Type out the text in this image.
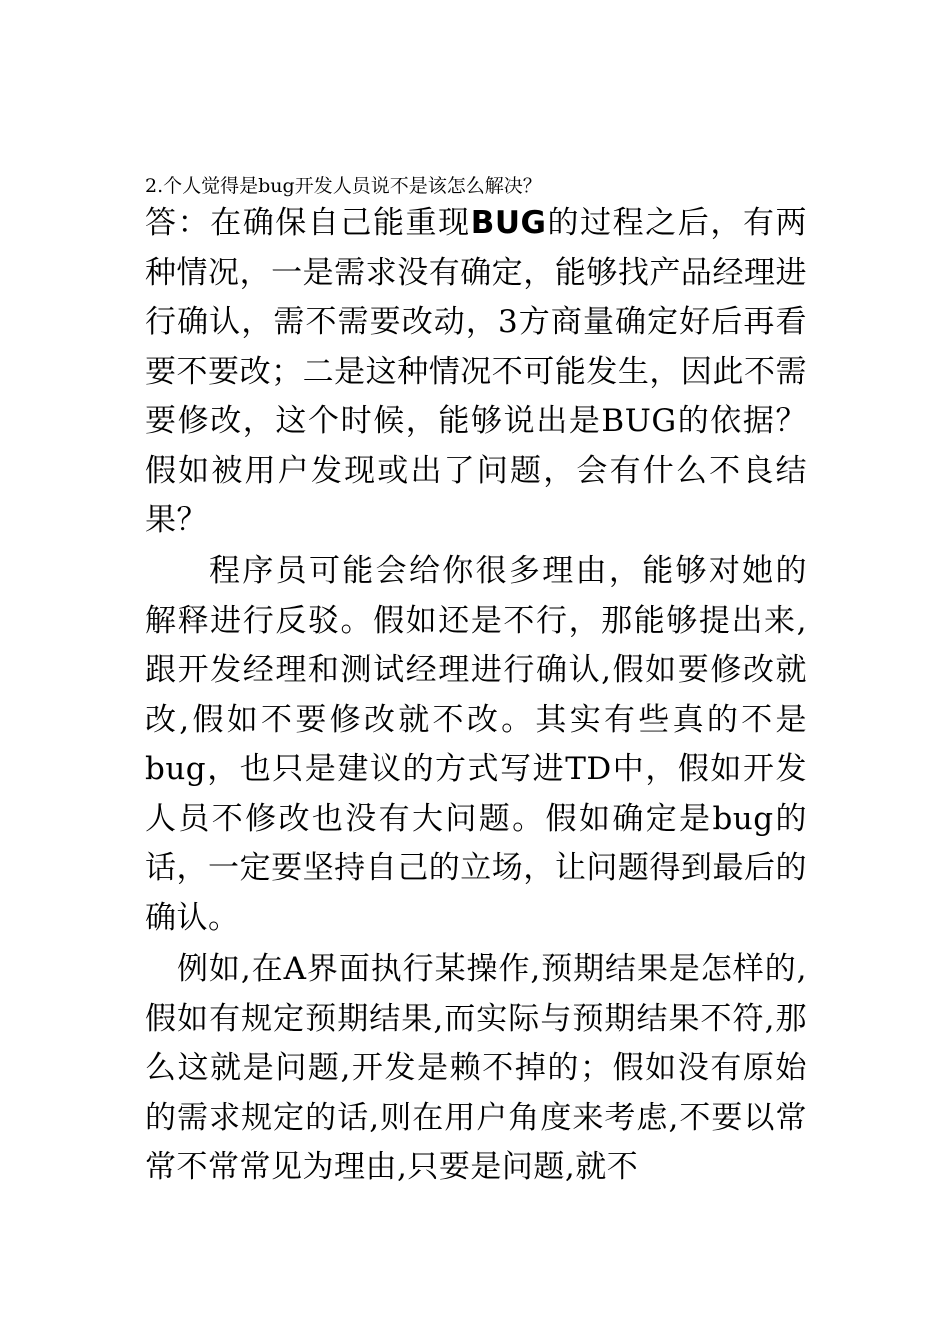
2.个人觉得是bug开发人员说不是该怎么解决？

答：在确保自己能重现BUG的过程之后，有两种情况，一是需求没有确定，能够找产品经理进行确认，需不需要改动，3方商量确定好后再看要不要改；二是这种情况不可能发生，因此不需要修改，这个时候，能够说出是BUG的依据？假如被用户发现或出了问题，会有什么不良结果？

程序员可能会给你很多理由，能够对她的解释进行反驳。假如还是不行，那能够提出来,跟开发经理和测试经理进行确认,假如要修改就改,假如不要修改就不改。其实有些真的不是bug，也只是建议的方式写进TD中，假如开发人员不修改也没有大问题。假如确定是bug的话，一定要坚持自己的立场，让问题得到最后的确认。

例如,在A界面执行某操作,预期结果是怎样的,假如有规定预期结果,而实际与预期结果不符,那么这就是问题,开发是赖不掉的；假如没有原始的需求规定的话,则在用户角度来考虑,不要以常常不常常见为理由,只要是问题,就不
